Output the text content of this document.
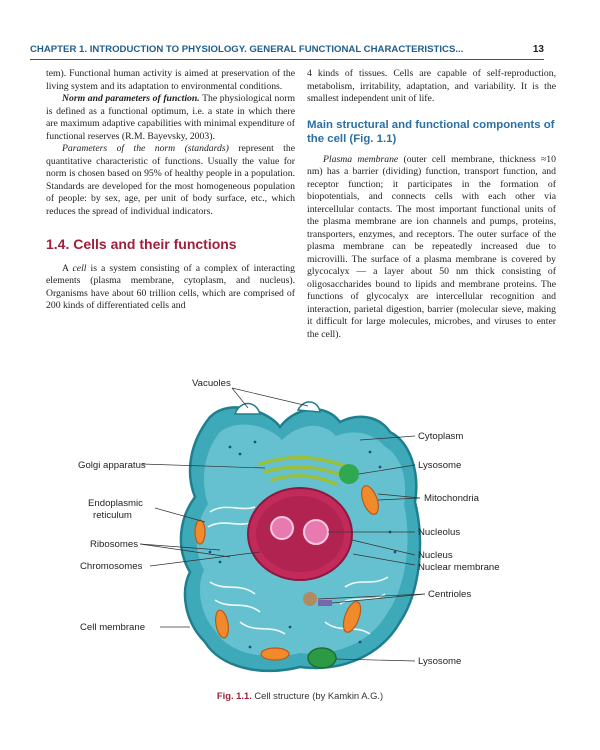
CHAPTER 1. INTRODUCTION TO PHYSIOLOGY. GENERAL FUNCTIONAL CHARACTERISTICS...	13

tem). Functional human activity is aimed at preservation of the living system and its adaptation to environmental conditions.

Norm and parameters of function. The physiological norm is defined as a functional optimum, i.e. a state in which there are maximum adaptive capabilities with minimal expenditure of functional reserves (R.M. Bayevsky, 2003).

Parameters of the norm (standards) represent the quantitative characteristic of functions. Usually the value for norm is chosen based on 95% of healthy people in a population. Standards are developed for the most homogeneous population of people: by sex, age, per unit of body surface, etc., which reduces the spread of individual indicators.

1.4. Cells and their functions

A cell is a system consisting of a complex of interacting elements (plasma membrane, cytoplasm, and nucleus). Organisms have about 60 trillion cells, which are comprised of 200 kinds of differentiated cells and

4 kinds of tissues. Cells are capable of self-reproduction, metabolism, irritability, adaptation, and variability. It is the smallest independent unit of life.

Main structural and functional components of the cell (Fig. 1.1)

Plasma membrane (outer cell membrane, thickness ≈10 nm) has a barrier (dividing) function, transport function, and receptor function; it participates in the formation of biopotentials, and connects cells with each other via intercellular contacts. The most important functional units of the plasma membrane are ion channels and pumps, proteins, transporters, enzymes, and receptors. The outer surface of the plasma membrane can be repeatedly increased due to microvilli. The surface of a plasma membrane is covered by glycocalyx — a layer about 50 nm thick consisting of oligosaccharides bound to lipids and membrane proteins. The functions of glycocalyx are intercellular recognition and interaction, parietal digestion, barrier (molecular sieve, making it difficult for large molecules, microbes, and viruses to enter the cell).

Vacuoles
Golgi apparatus
Endoplasmic
reticulum
Ribosomes
Chromosomes
Cell membrane
Cytoplasm
Lysosome
Mitochondria
Nucleolus
Nucleus
Nuclear membrane
Centrioles
Lysosome
Fig. 1.1. Cell structure (by Kamkin A.G.)
